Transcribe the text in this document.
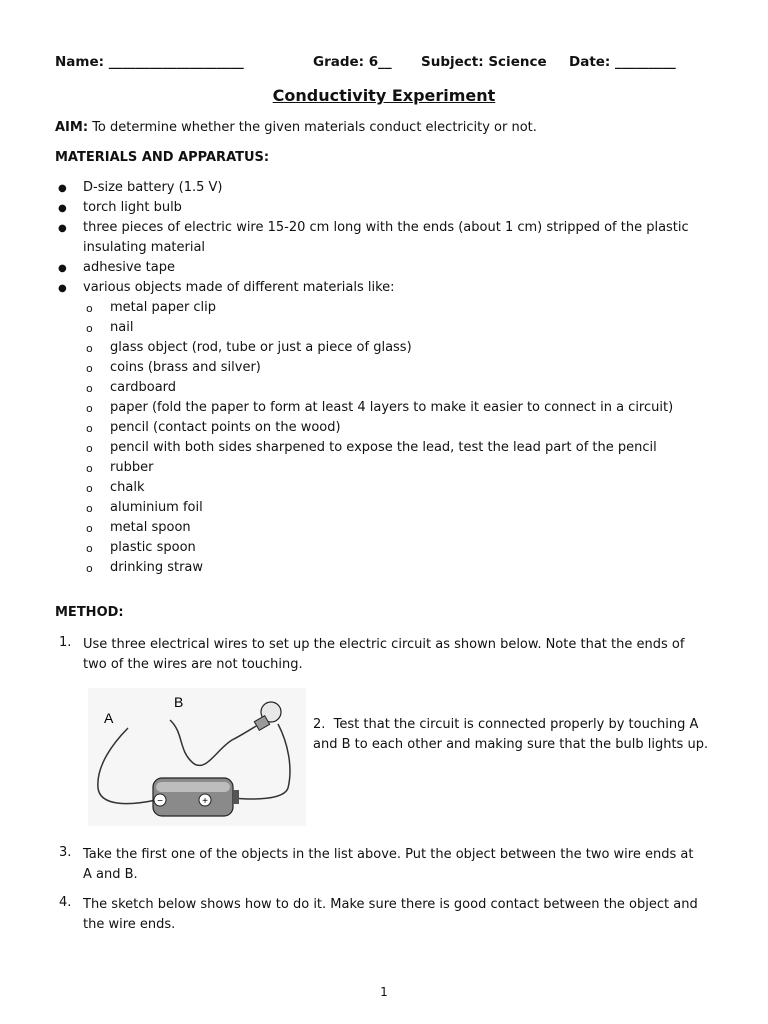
Name: ____________________	Grade: 6__ Subject: Science Date: _________
Conductivity Experiment
AIM: To determine whether the given materials conduct electricity or not.
MATERIALS AND APPARATUS:
● D-size battery (1.5 V)
● torch light bulb
● three pieces of electric wire 15-20 cm long with the ends (about 1 cm) stripped of the plastic
insulating material
● adhesive tape
● various objects made of different materials like:
o metal paper clip
o nail
o glass object (rod, tube or just a piece of glass)
o coins (brass and silver)
o cardboard
o paper (fold the paper to form at least 4 layers to make it easier to connect in a circuit)
o pencil (contact points on the wood)
o pencil with both sides sharpened to expose the lead, test the lead part of the pencil
o rubber
o chalk
o aluminium foil
o metal spoon
o plastic spoon
o drinking straw
METHOD:
1. Use three electrical wires to set up the electric circuit as shown below. Note that the ends of
two of the wires are not touching.
−	+
A
B
2. Test that the circuit is connected properly by touching A
and B to each other and making sure that the bulb lights up.
3. Take the first one of the objects in the list above. Put the object between the two wire ends at
A and B.
4. The sketch below shows how to do it. Make sure there is good contact between the object and
the wire ends.
1
